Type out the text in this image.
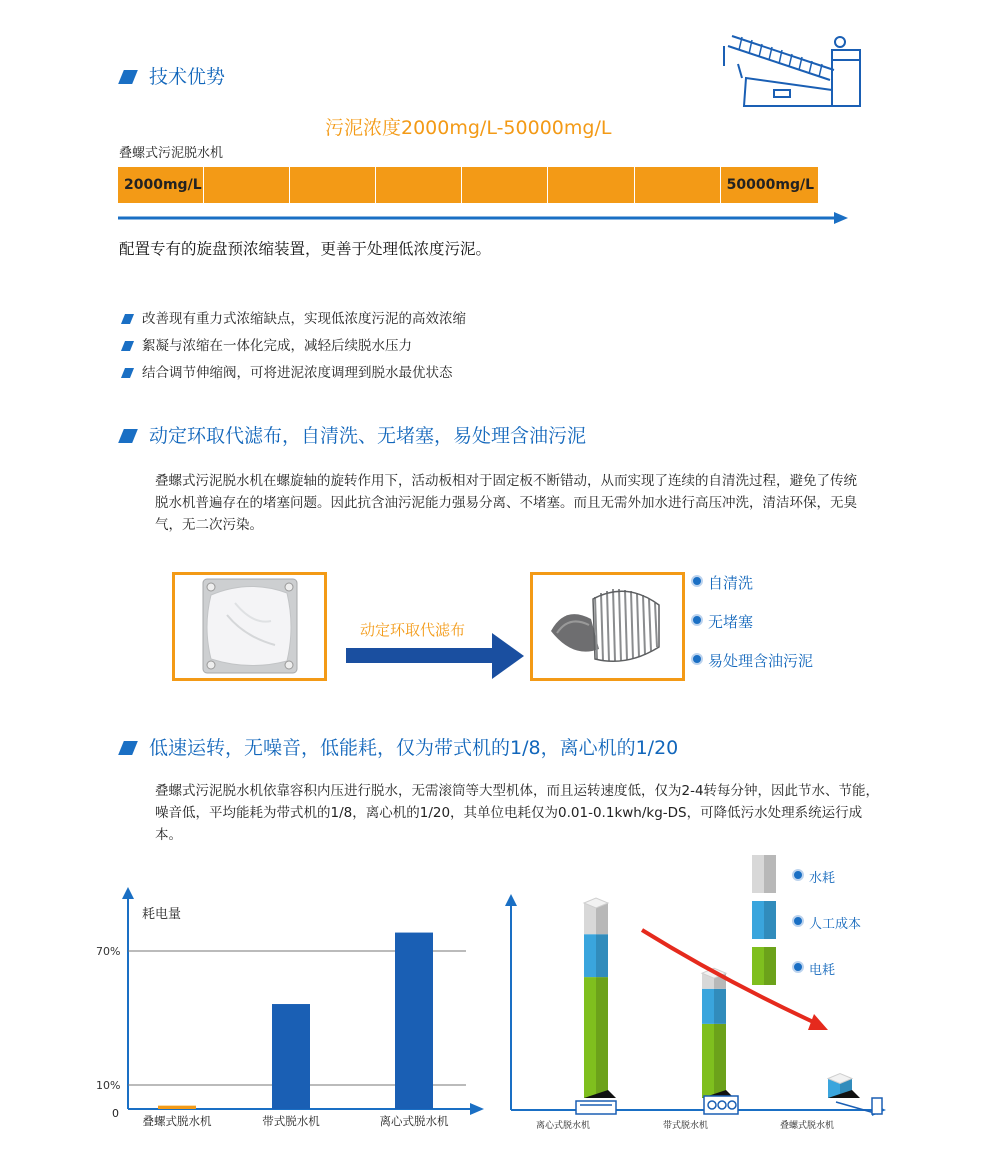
技术优势
污泥浓度2000mg/L-50000mg/L
叠螺式污泥脱水机
2000mg/L	50000mg/L
配置专有的旋盘预浓缩装置，更善于处理低浓度污泥。
改善现有重力式浓缩缺点，实现低浓度污泥的高效浓缩
絮凝与浓缩在一体化完成，减轻后续脱水压力
结合调节伸缩阀，可将进泥浓度调理到脱水最优状态
动定环取代滤布，自清洗、无堵塞，易处理含油污泥
叠螺式污泥脱水机在螺旋轴的旋转作用下，活动板相对于固定板不断错动，从而实现了连续的自清洗过程，避免了传统脱水机普遍存在的堵塞问题。因此抗含油污泥能力强易分离、不堵塞。而且无需外加水进行高压冲洗，清洁环保，无臭气，无二次污染。
动定环取代滤布
自清洗
无堵塞
易处理含油污泥
低速运转，无噪音，低能耗，仅为带式机的1/8，离心机的1/20
叠螺式污泥脱水机依靠容积内压进行脱水，无需滚筒等大型机体，而且运转速度低，仅为2-4转每分钟，因此节水、节能，噪音低，平均能耗为带式机的1/8，离心机的1/20，其单位电耗仅为0.01-0.1kwh/kg-DS，可降低污水处理系统运行成本。
耗电量
70%
10%
0
叠螺式脱水机	带式脱水机	离心式脱水机	离心式脱水机	带式脱水机	叠螺式脱水机
水耗
人工成本
电耗
